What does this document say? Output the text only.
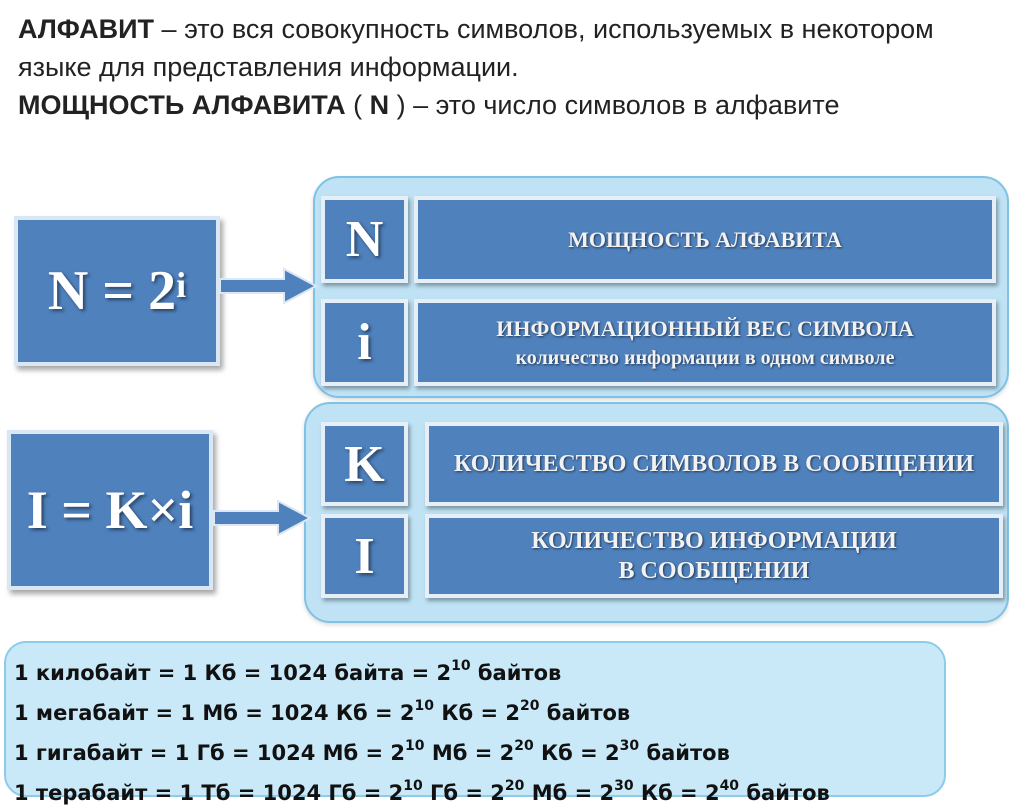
АЛФАВИТ – это вся совокупность символов, используемых в некотором языке для представления информации.
МОЩНОСТЬ АЛФАВИТА ( N ) – это число символов в алфавите
$N = 2^i$
I = K×i
N	МОЩНОСТЬ АЛФАВИТА
i	ИНФОРМАЦИОННЫЙ ВЕС СИМВОЛА
количество информации в одном символе
K	КОЛИЧЕСТВО СИМВОЛОВ В СООБЩЕНИИ
I	КОЛИЧЕСТВО ИНФОРМАЦИИ
В СООБЩЕНИИ
1 килобайт = 1 Кб = 1024 байта = $2^{10}$ байтов
1 мегабайт = 1 Мб = 1024 Кб = $2^{10}$ Кб = $2^{20}$ байтов
1 гигабайт = 1 Гб = 1024 Мб = $2^{10}$ Мб = $2^{20}$ Кб = $2^{30}$ байтов
1 терабайт = 1 Тб = 1024 Гб = $2^{10}$ Гб = $2^{20}$ Мб = $2^{30}$ Кб = $2^{40}$ байтов
